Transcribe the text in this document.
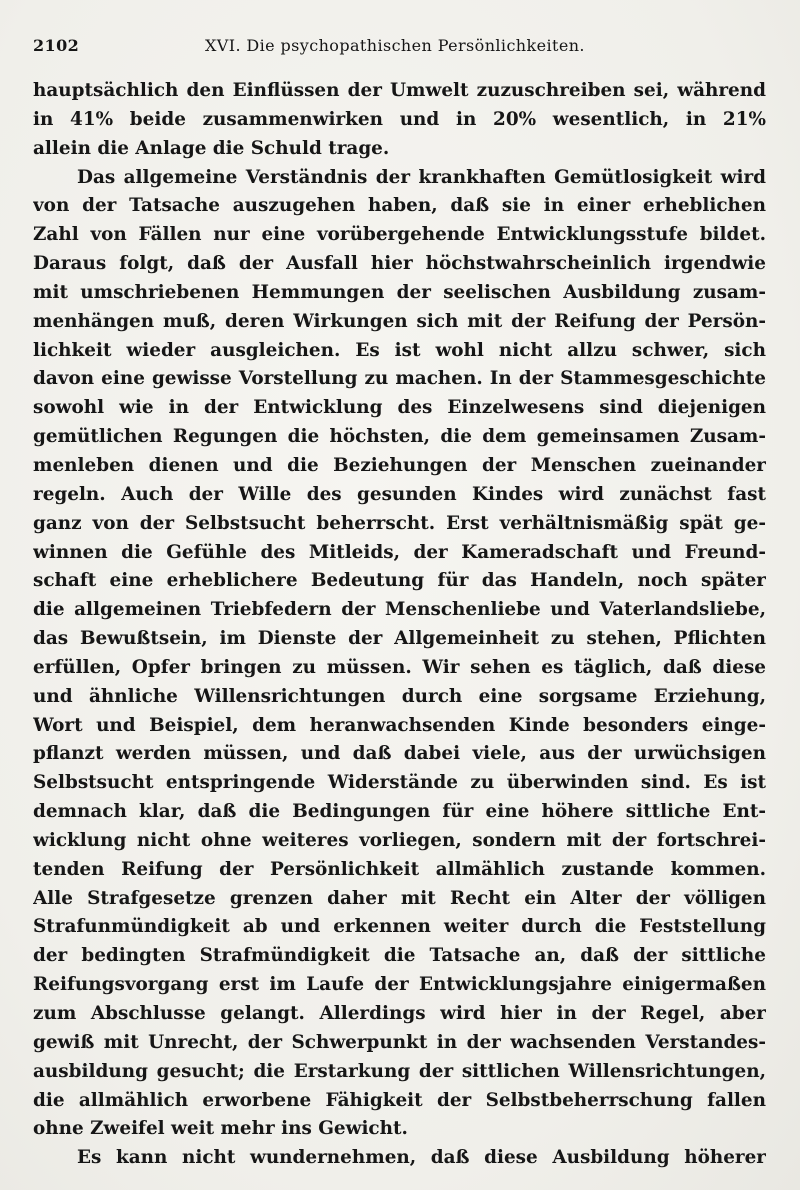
2102	XVI. Die psychopathischen Persönlichkeiten.
hauptsächlich den Einflüssen der Umwelt zuzuschreiben sei, während
in 41% beide zusammenwirken und in 20% wesentlich, in 21%
allein die Anlage die Schuld trage.
Das allgemeine Verständnis der krankhaften Gemütlosigkeit wird
von der Tatsache auszugehen haben, daß sie in einer erheblichen
Zahl von Fällen nur eine vorübergehende Entwicklungsstufe bildet.
Daraus folgt, daß der Ausfall hier höchstwahrscheinlich irgendwie
mit umschriebenen Hemmungen der seelischen Ausbildung zusam-
menhängen muß, deren Wirkungen sich mit der Reifung der Persön-
lichkeit wieder ausgleichen. Es ist wohl nicht allzu schwer, sich
davon eine gewisse Vorstellung zu machen. In der Stammesgeschichte
sowohl wie in der Entwicklung des Einzelwesens sind diejenigen
gemütlichen Regungen die höchsten, die dem gemeinsamen Zusam-
menleben dienen und die Beziehungen der Menschen zueinander
regeln. Auch der Wille des gesunden Kindes wird zunächst fast
ganz von der Selbstsucht beherrscht. Erst verhältnismäßig spät ge-
winnen die Gefühle des Mitleids, der Kameradschaft und Freund-
schaft eine erheblichere Bedeutung für das Handeln, noch später
die allgemeinen Triebfedern der Menschenliebe und Vaterlandsliebe,
das Bewußtsein, im Dienste der Allgemeinheit zu stehen, Pflichten
erfüllen, Opfer bringen zu müssen. Wir sehen es täglich, daß diese
und ähnliche Willensrichtungen durch eine sorgsame Erziehung,
Wort und Beispiel, dem heranwachsenden Kinde besonders einge-
pflanzt werden müssen, und daß dabei viele, aus der urwüchsigen
Selbstsucht entspringende Widerstände zu überwinden sind. Es ist
demnach klar, daß die Bedingungen für eine höhere sittliche Ent-
wicklung nicht ohne weiteres vorliegen, sondern mit der fortschrei-
tenden Reifung der Persönlichkeit allmählich zustande kommen.
Alle Strafgesetze grenzen daher mit Recht ein Alter der völligen
Strafunmündigkeit ab und erkennen weiter durch die Feststellung
der bedingten Strafmündigkeit die Tatsache an, daß der sittliche
Reifungsvorgang erst im Laufe der Entwicklungsjahre einigermaßen
zum Abschlusse gelangt. Allerdings wird hier in der Regel, aber
gewiß mit Unrecht, der Schwerpunkt in der wachsenden Verstandes-
ausbildung gesucht; die Erstarkung der sittlichen Willensrichtungen,
die allmählich erworbene Fähigkeit der Selbstbeherrschung fallen
ohne Zweifel weit mehr ins Gewicht.
Es kann nicht wundernehmen, daß diese Ausbildung höherer
